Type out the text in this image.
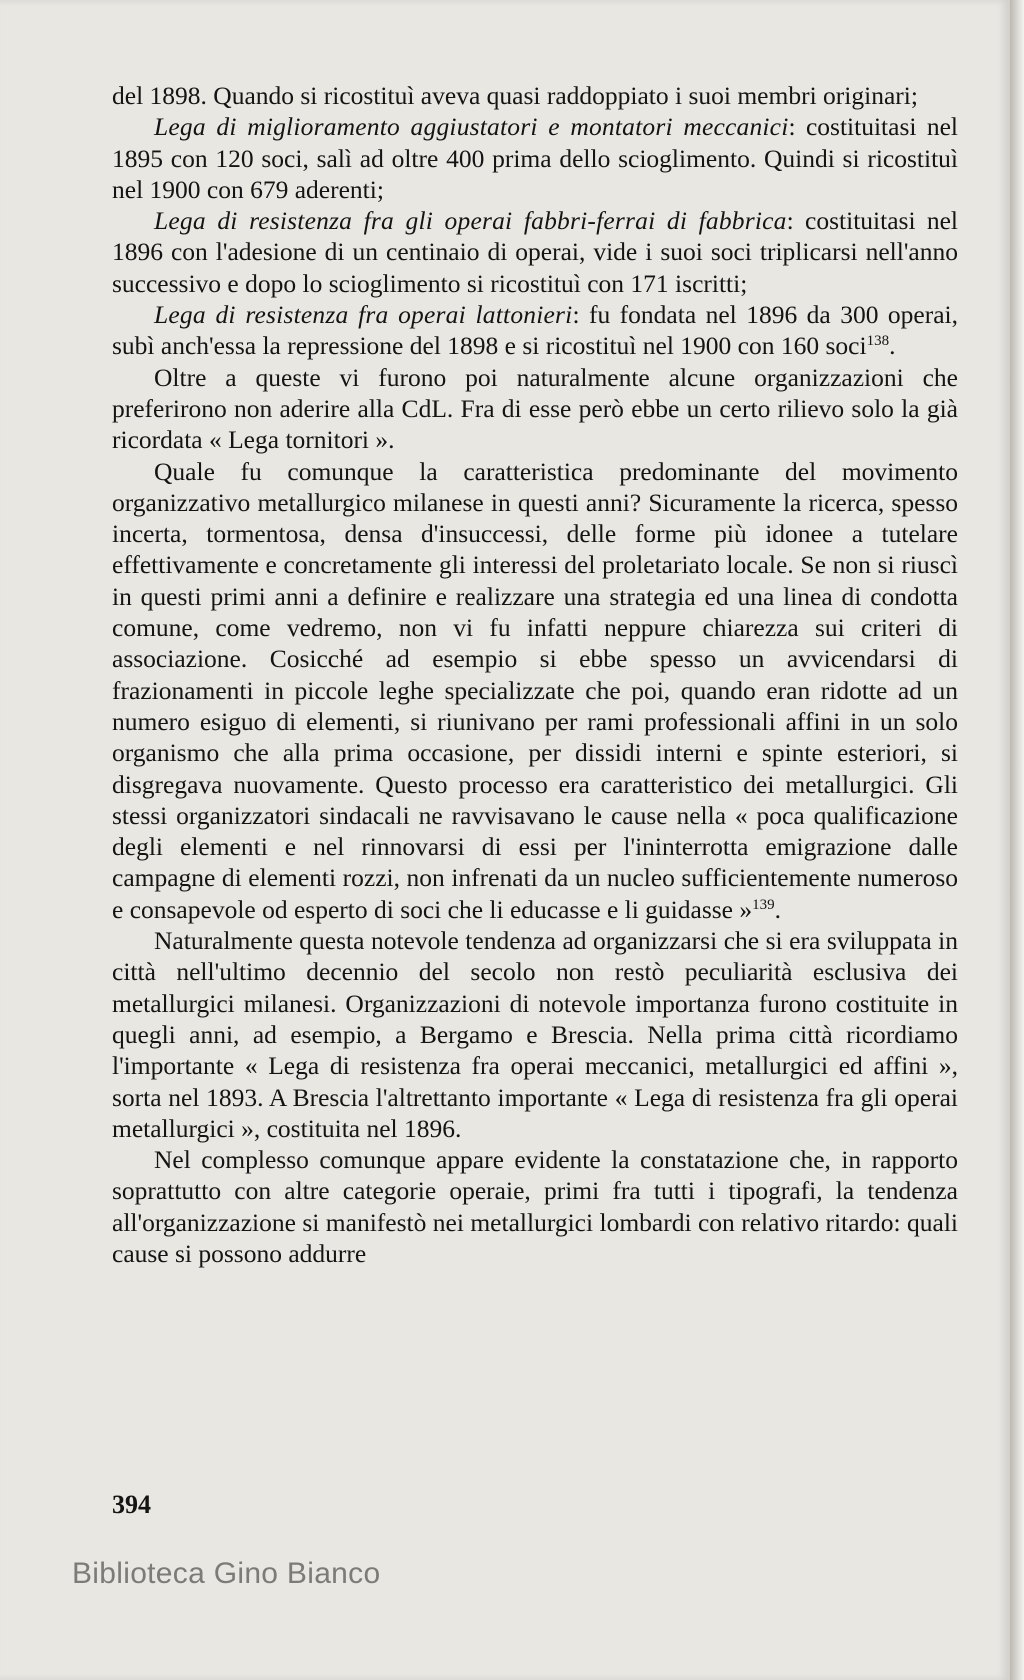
del 1898. Quando si ricostituì aveva quasi raddoppiato i suoi membri originari;

Lega di miglioramento aggiustatori e montatori meccanici: costituitasi nel 1895 con 120 soci, salì ad oltre 400 prima dello scioglimento. Quindi si ricostituì nel 1900 con 679 aderenti;

Lega di resistenza fra gli operai fabbri-ferrai di fabbrica: costituitasi nel 1896 con l'adesione di un centinaio di operai, vide i suoi soci triplicarsi nell'anno successivo e dopo lo scioglimento si ricostituì con 171 iscritti;

Lega di resistenza fra operai lattonieri: fu fondata nel 1896 da 300 operai, subì anch'essa la repressione del 1898 e si ricostituì nel 1900 con 160 soci$^{138}$.

Oltre a queste vi furono poi naturalmente alcune organizzazioni che preferirono non aderire alla CdL. Fra di esse però ebbe un certo rilievo solo la già ricordata « Lega tornitori ».

Quale fu comunque la caratteristica predominante del movimento organizzativo metallurgico milanese in questi anni? Sicuramente la ricerca, spesso incerta, tormentosa, densa d'insuccessi, delle forme più idonee a tutelare effettivamente e concretamente gli interessi del proletariato locale. Se non si riuscì in questi primi anni a definire e realizzare una strategia ed una linea di condotta comune, come vedremo, non vi fu infatti neppure chiarezza sui criteri di associazione. Cosicché ad esempio si ebbe spesso un avvicendarsi di frazionamenti in piccole leghe specializzate che poi, quando eran ridotte ad un numero esiguo di elementi, si riunivano per rami professionali affini in un solo organismo che alla prima occasione, per dissidi interni e spinte esteriori, si disgregava nuovamente. Questo processo era caratteristico dei metallurgici. Gli stessi organizzatori sindacali ne ravvisavano le cause nella « poca qualificazione degli elementi e nel rinnovarsi di essi per l'ininterrotta emigrazione dalle campagne di elementi rozzi, non infrenati da un nucleo sufficientemente numeroso e consapevole od esperto di soci che li educasse e li guidasse »$^{139}$.

Naturalmente questa notevole tendenza ad organizzarsi che si era sviluppata in città nell'ultimo decennio del secolo non restò peculiarità esclusiva dei metallurgici milanesi. Organizzazioni di notevole importanza furono costituite in quegli anni, ad esempio, a Bergamo e Brescia. Nella prima città ricordiamo l'importante « Lega di resistenza fra operai meccanici, metallurgici ed affini », sorta nel 1893. A Brescia l'altrettanto importante « Lega di resistenza fra gli operai metallurgici », costituita nel 1896.

Nel complesso comunque appare evidente la constatazione che, in rapporto soprattutto con altre categorie operaie, primi fra tutti i tipografi, la tendenza all'organizzazione si manifestò nei metallurgici lombardi con relativo ritardo: quali cause si possono addurre

394
Biblioteca Gino Bianco
